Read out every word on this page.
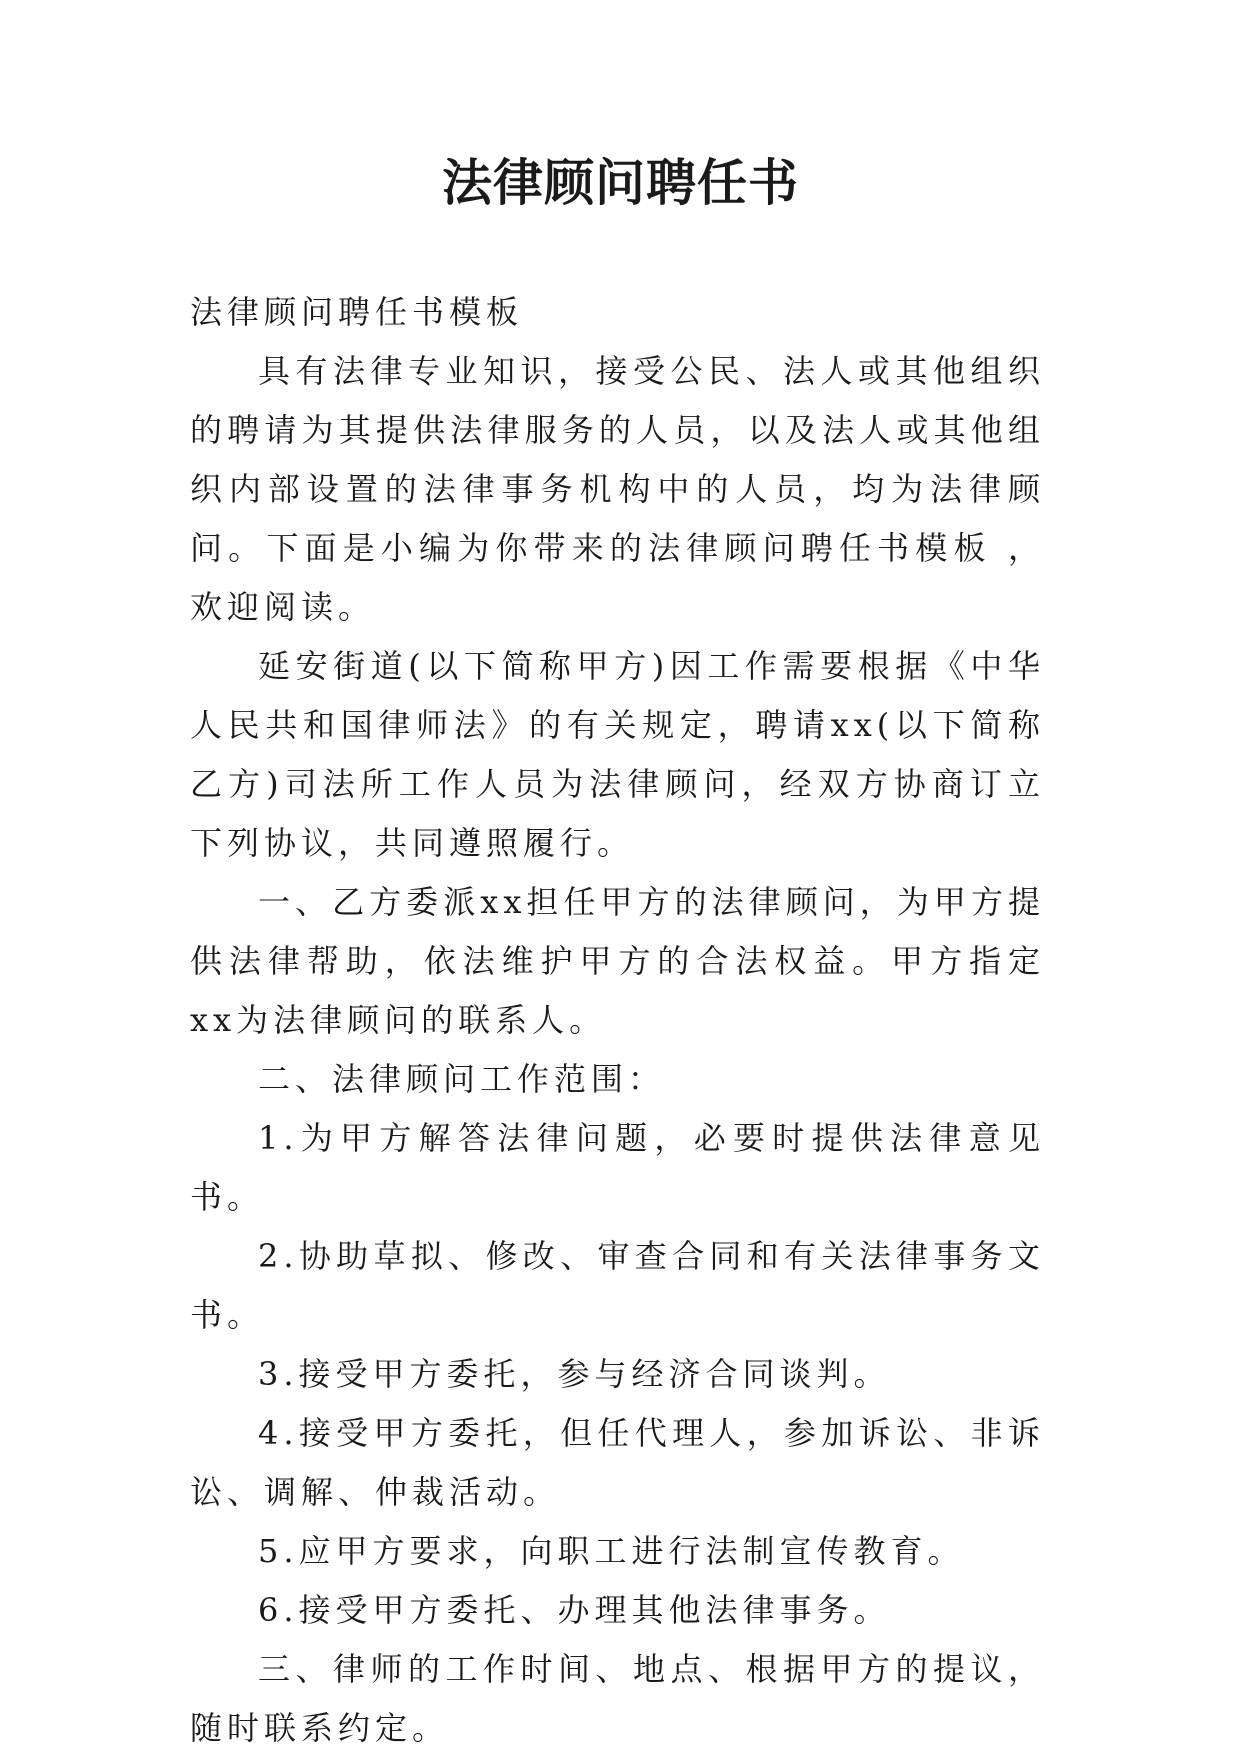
法律顾问聘任书

法律顾问聘任书模板

具有法律专业知识，接受公民、法人或其他组织的聘请为其提供法律服务的人员，以及法人或其他组织内部设置的法律事务机构中的人员，均为法律顾问。下面是小编为你带来的法律顾问聘任书模板 ，欢迎阅读。

延安街道(以下简称甲方)因工作需要根据《中华人民共和国律师法》的有关规定，聘请xx(以下简称乙方)司法所工作人员为法律顾问，经双方协商订立下列协议，共同遵照履行。

一、乙方委派xx担任甲方的法律顾问，为甲方提供法律帮助，依法维护甲方的合法权益。甲方指定xx为法律顾问的联系人。

二、法律顾问工作范围：

1.为甲方解答法律问题，必要时提供法律意见书。

2.协助草拟、修改、审查合同和有关法律事务文书。

3.接受甲方委托，参与经济合同谈判。

4.接受甲方委托，但任代理人，参加诉讼、非诉讼、调解、仲裁活动。

5.应甲方要求，向职工进行法制宣传教育。

6.接受甲方委托、办理其他法律事务。

三、律师的工作时间、地点、根据甲方的提议，随时联系约定。
